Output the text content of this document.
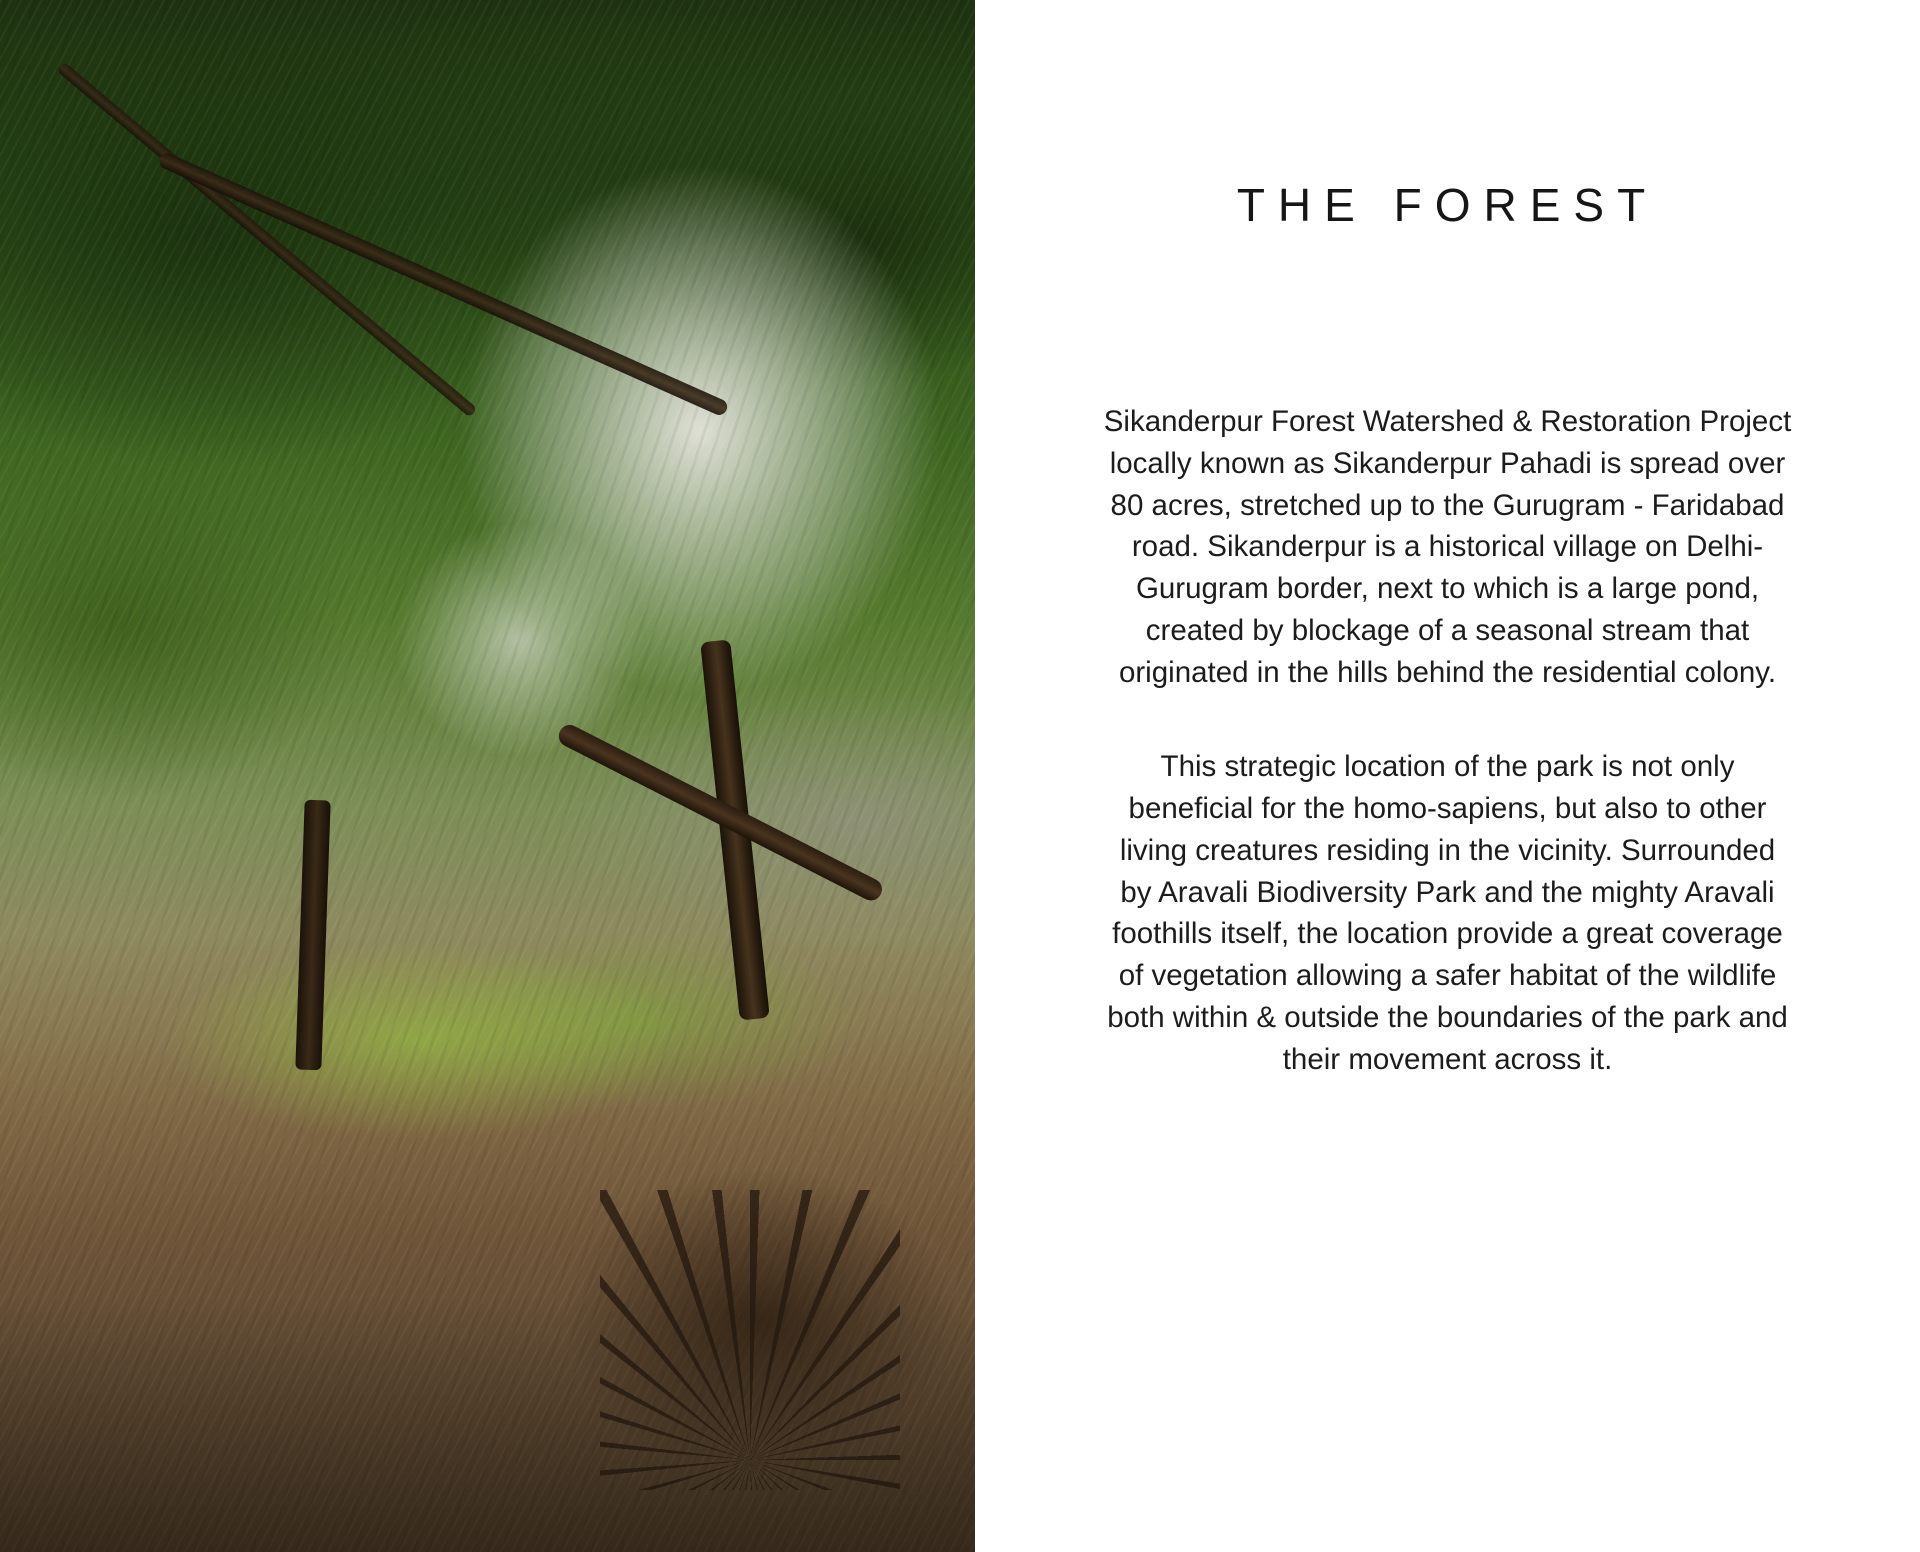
THE FOREST

Sikanderpur Forest Watershed & Restoration Project locally known as Sikanderpur Pahadi is spread over 80 acres, stretched up to the Gurugram - Faridabad road. Sikanderpur is a historical village on Delhi-Gurugram border, next to which is a large pond, created by blockage of a seasonal stream that originated in the hills behind the residential colony.

This strategic location of the park is not only beneficial for the homo-sapiens, but also to other living creatures residing in the vicinity. Surrounded by Aravali Biodiversity Park and the mighty Aravali foothills itself, the location provide a great coverage of vegetation allowing a safer habitat of the wildlife both within & outside the boundaries of the park and their movement across it.
